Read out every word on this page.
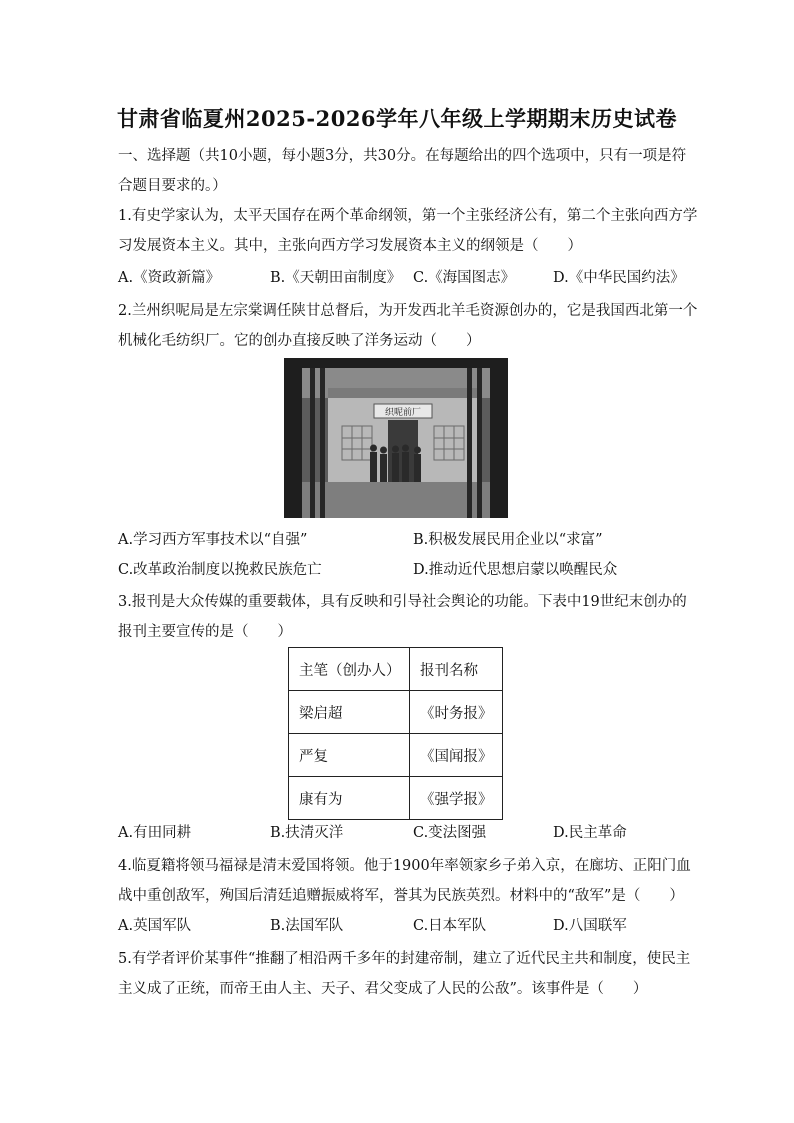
甘肃省临夏州2025-2026学年八年级上学期期末历史试卷
一、选择题（共10小题，每小题3分，共30分。在每题给出的四个选项中，只有一项是符
合题目要求的。）
1.有史学家认为，太平天国存在两个革命纲领，第一个主张经济公有，第二个主张向西方学
习发展资本主义。其中，主张向西方学习发展资本主义的纲领是（　　）
A.《资政新篇》	B.《天朝田亩制度》 C.《海国图志》	D.《中华民国约法》
2.兰州织呢局是左宗棠调任陕甘总督后，为开发西北羊毛资源创办的，它是我国西北第一个
机械化毛纺织厂。它的创办直接反映了洋务运动（　　）
织呢前厂
A.学习西方军事技术以“自强”	B.积极发展民用企业以“求富”
C.改革政治制度以挽救民族危亡	D.推动近代思想启蒙以唤醒民众
3.报刊是大众传媒的重要载体，具有反映和引导社会舆论的功能。下表中19世纪末创办的
报刊主要宣传的是（　　）
主笔（创办人）	报刊名称
梁启超	《时务报》
严复	《国闻报》
康有为	《强学报》
A.有田同耕	B.扶清灭洋	C.变法图强	D.民主革命
4.临夏籍将领马福禄是清末爱国将领。他于1900年率领家乡子弟入京，在廊坊、正阳门血
战中重创敌军，殉国后清廷追赠振威将军，誉其为民族英烈。材料中的“敌军”是（　　）
A.英国军队	B.法国军队	C.日本军队	D.八国联军
5.有学者评价某事件“推翻了相沿两千多年的封建帝制，建立了近代民主共和制度，使民主
主义成了正统，而帝王由人主、天子、君父变成了人民的公敌”。该事件是（　　）
